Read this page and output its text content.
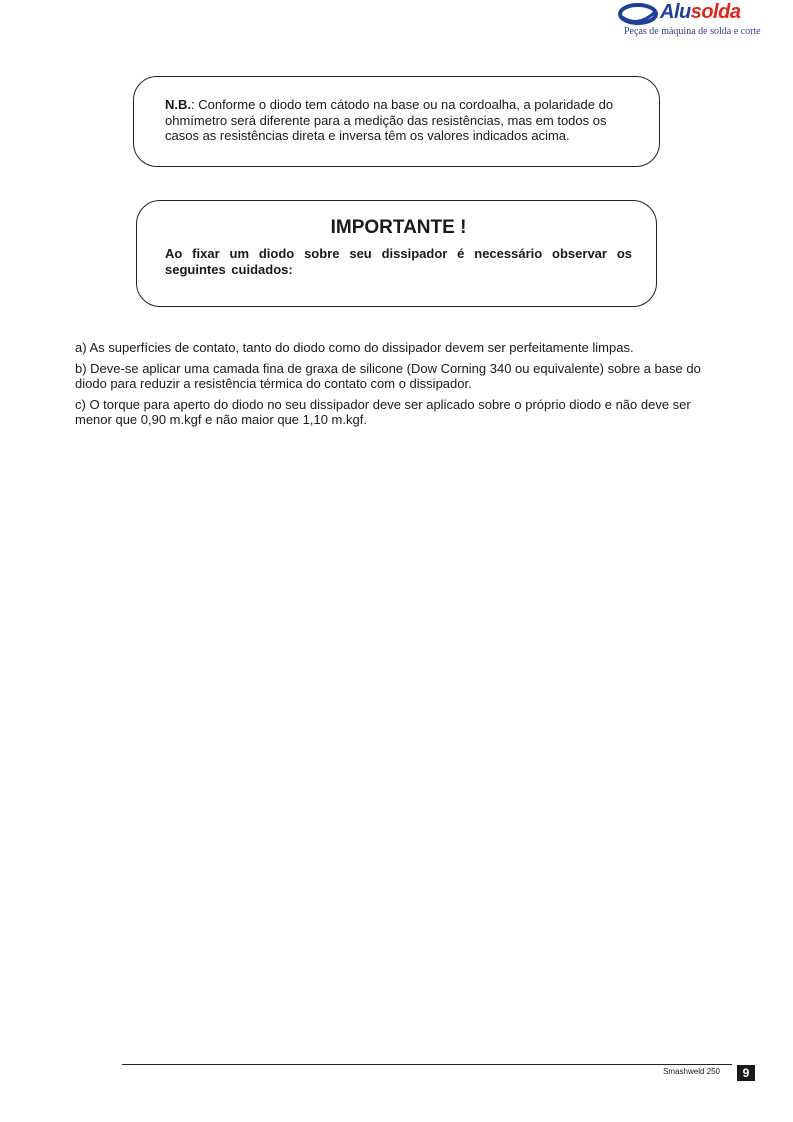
Alusolda
Peças de máquina de solda e corte
N.B.: Conforme o diodo tem cátodo na base ou na cordoalha, a polaridade do ohmímetro será diferente para a medição das resistências, mas em todos os casos as resistências direta e inversa têm os valores indicados acima.
IMPORTANTE !

Ao fixar um diodo sobre seu dissipador é necessário observar os seguintes cuidados:

a) As superfícies de contato, tanto do diodo como do dissipador devem ser perfeitamente limpas.

b) Deve-se aplicar uma camada fina de graxa de silicone (Dow Corning 340 ou equivalente) sobre a base do diodo para reduzir a resistência térmica do contato com o dissipador.

c) O torque para aperto do diodo no seu dissipador deve ser aplicado sobre o próprio diodo e não deve ser menor que 0,90 m.kgf e não maior que 1,10 m.kgf.

Smashweld 250	9
